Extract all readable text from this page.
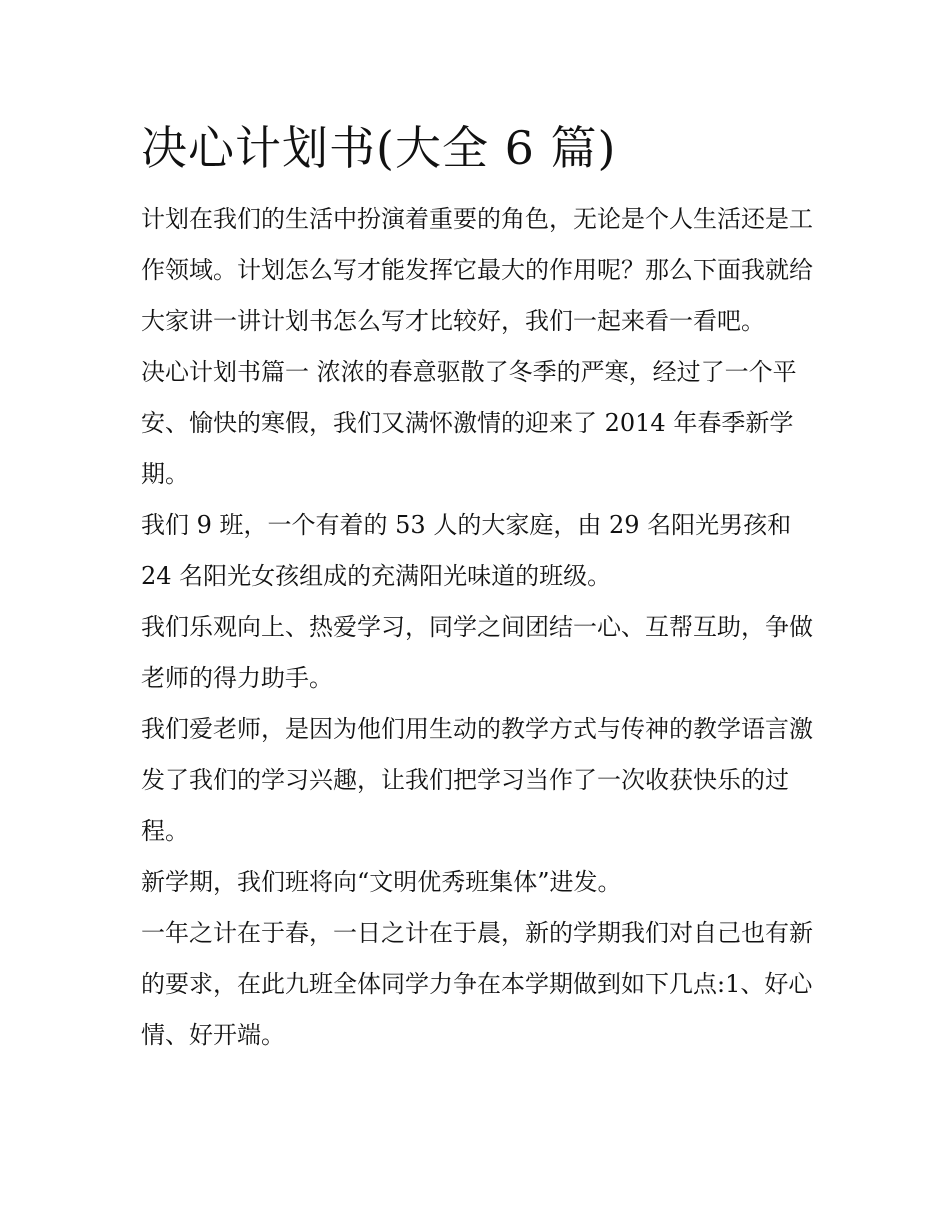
决心计划书(大全 6 篇)

计划在我们的生活中扮演着重要的角色，无论是个人生活还是工作领域。计划怎么写才能发挥它最大的作用呢？那么下面我就给大家讲一讲计划书怎么写才比较好，我们一起来看一看吧。

决心计划书篇一 浓浓的春意驱散了冬季的严寒，经过了一个平安、愉快的寒假，我们又满怀激情的迎来了 2014 年春季新学期。

我们 9 班，一个有着的 53 人的大家庭，由 29 名阳光男孩和 24 名阳光女孩组成的充满阳光味道的班级。

我们乐观向上、热爱学习，同学之间团结一心、互帮互助，争做老师的得力助手。

我们爱老师，是因为他们用生动的教学方式与传神的教学语言激发了我们的学习兴趣，让我们把学习当作了一次收获快乐的过程。

新学期，我们班将向“文明优秀班集体”进发。

一年之计在于春，一日之计在于晨，新的学期我们对自己也有新的要求，在此九班全体同学力争在本学期做到如下几点:1、好心情、好开端。
